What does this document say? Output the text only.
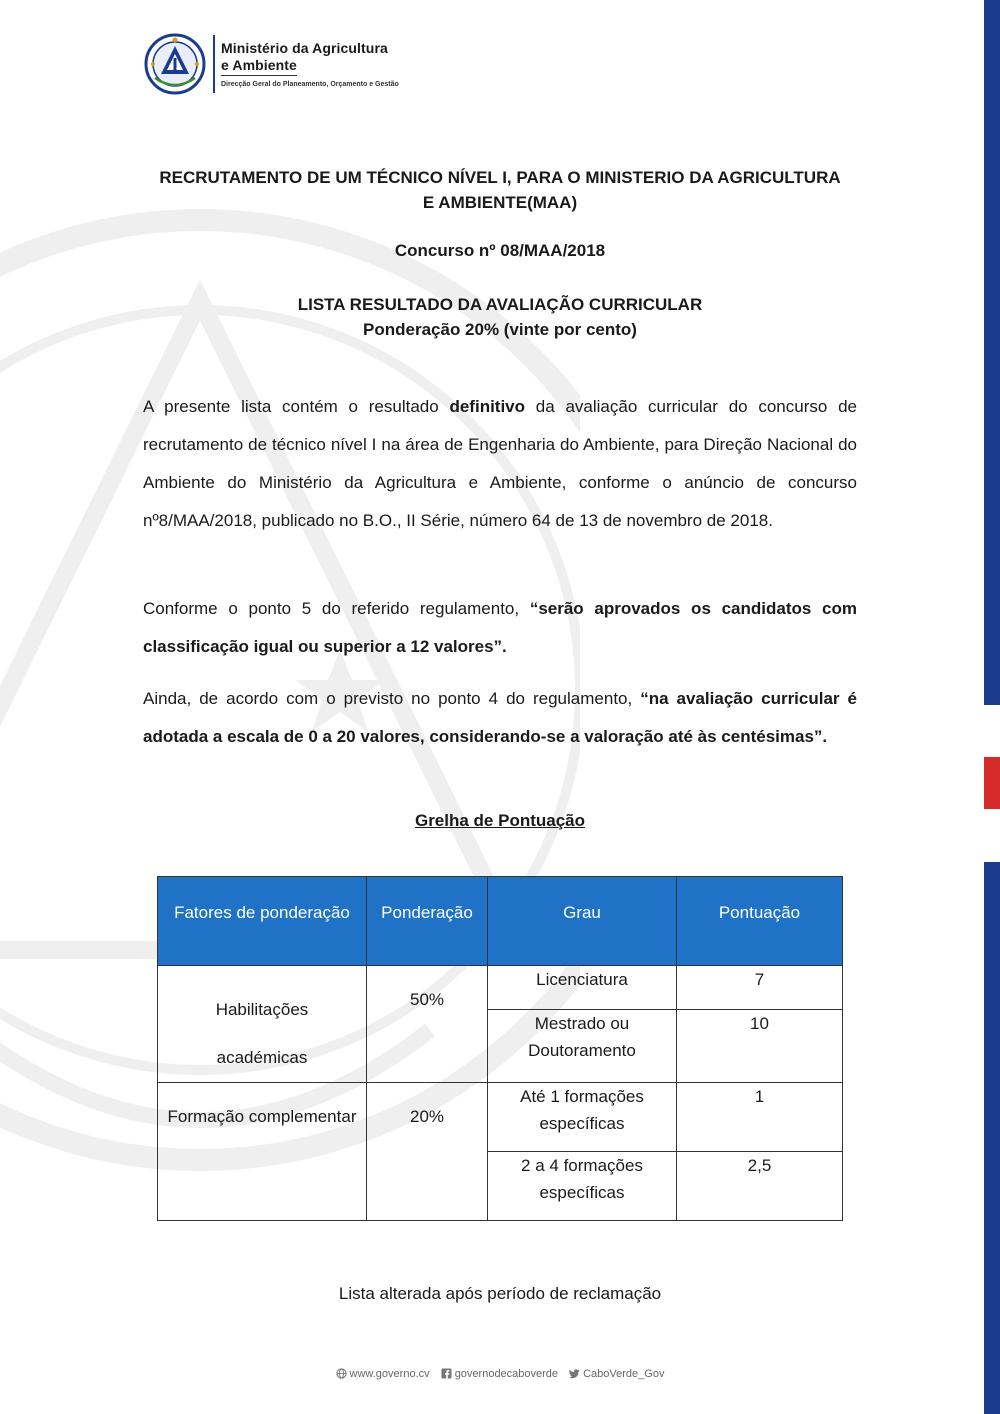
Ministério da Agricultura
e Ambiente
Direcção Geral do Planeamento, Orçamento e Gestão
RECRUTAMENTO DE UM TÉCNICO NÍVEL I, PARA O MINISTERIO DA AGRICULTURA
E AMBIENTE(MAA)
Concurso nº 08/MAA/2018
LISTA RESULTADO DA AVALIAÇÃO CURRICULAR
Ponderação 20% (vinte por cento)
A presente lista contém o resultado definitivo da avaliação curricular do concurso de recrutamento de técnico nível I na área de Engenharia do Ambiente, para Direção Nacional do Ambiente do Ministério da Agricultura e Ambiente, conforme o anúncio de concurso nº8/MAA/2018, publicado no B.O., II Série, número 64 de 13 de novembro de 2018.
Conforme o ponto 5 do referido regulamento, “serão aprovados os candidatos com classificação igual ou superior a 12 valores”.
Ainda, de acordo com o previsto no ponto 4 do regulamento, “na avaliação curricular é adotada a escala de 0 a 20 valores, considerando-se a valoração até às centésimas”.
Grelha de Pontuação
Fatores de ponderação	Ponderação	Grau	Pontuação

Habilitações
académicas	50%	Licenciatura	7
		Mestrado ou Doutoramento	10
Formação complementar	20%	Até 1 formações específicas	1
		2 a 4 formações específicas	2,5
Lista alterada após período de reclamação
www.governo.cv governodecaboverde CaboVerde_Gov
